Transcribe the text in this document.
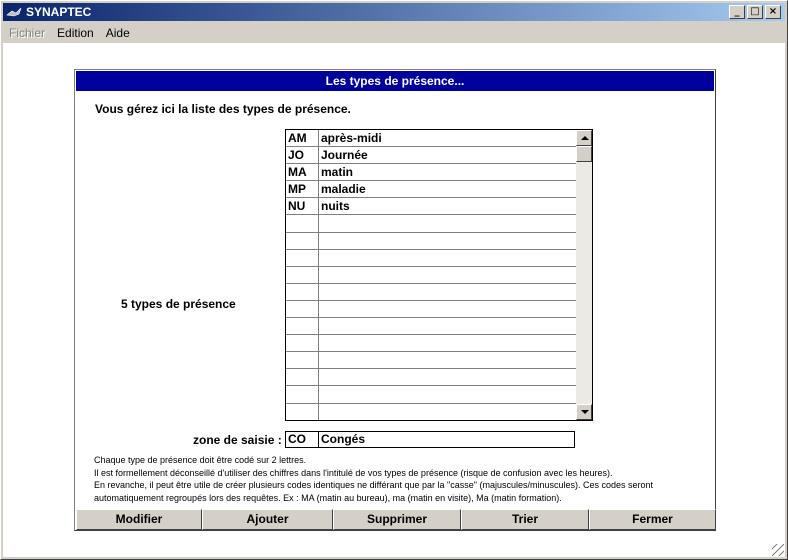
SYNAPTEC	_	□ ×
Fichier	Edition	Aide
Les types de présence...
Vous gérez ici la liste des types de présence.
5 types de présence
AM	après-midi
JO	Journée
MA	matin
MP	maladie
NU	nuits
zone de saisie : CO	Congés
Chaque type de présence doit être codé sur 2 lettres.
Il est formellement déconseillé d'utiliser des chiffres dans l'intitulé de vos types de présence (risque de confusion avec les heures).
En revanche, il peut être utile de créer plusieurs codes identiques ne différant que par la "casse" (majuscules/minuscules). Ces codes seront
automatiquement regroupés lors des requêtes. Ex : MA (matin au bureau), ma (matin en visite), Ma (matin formation).
Modifier	Ajouter	Supprimer	Trier	Fermer
